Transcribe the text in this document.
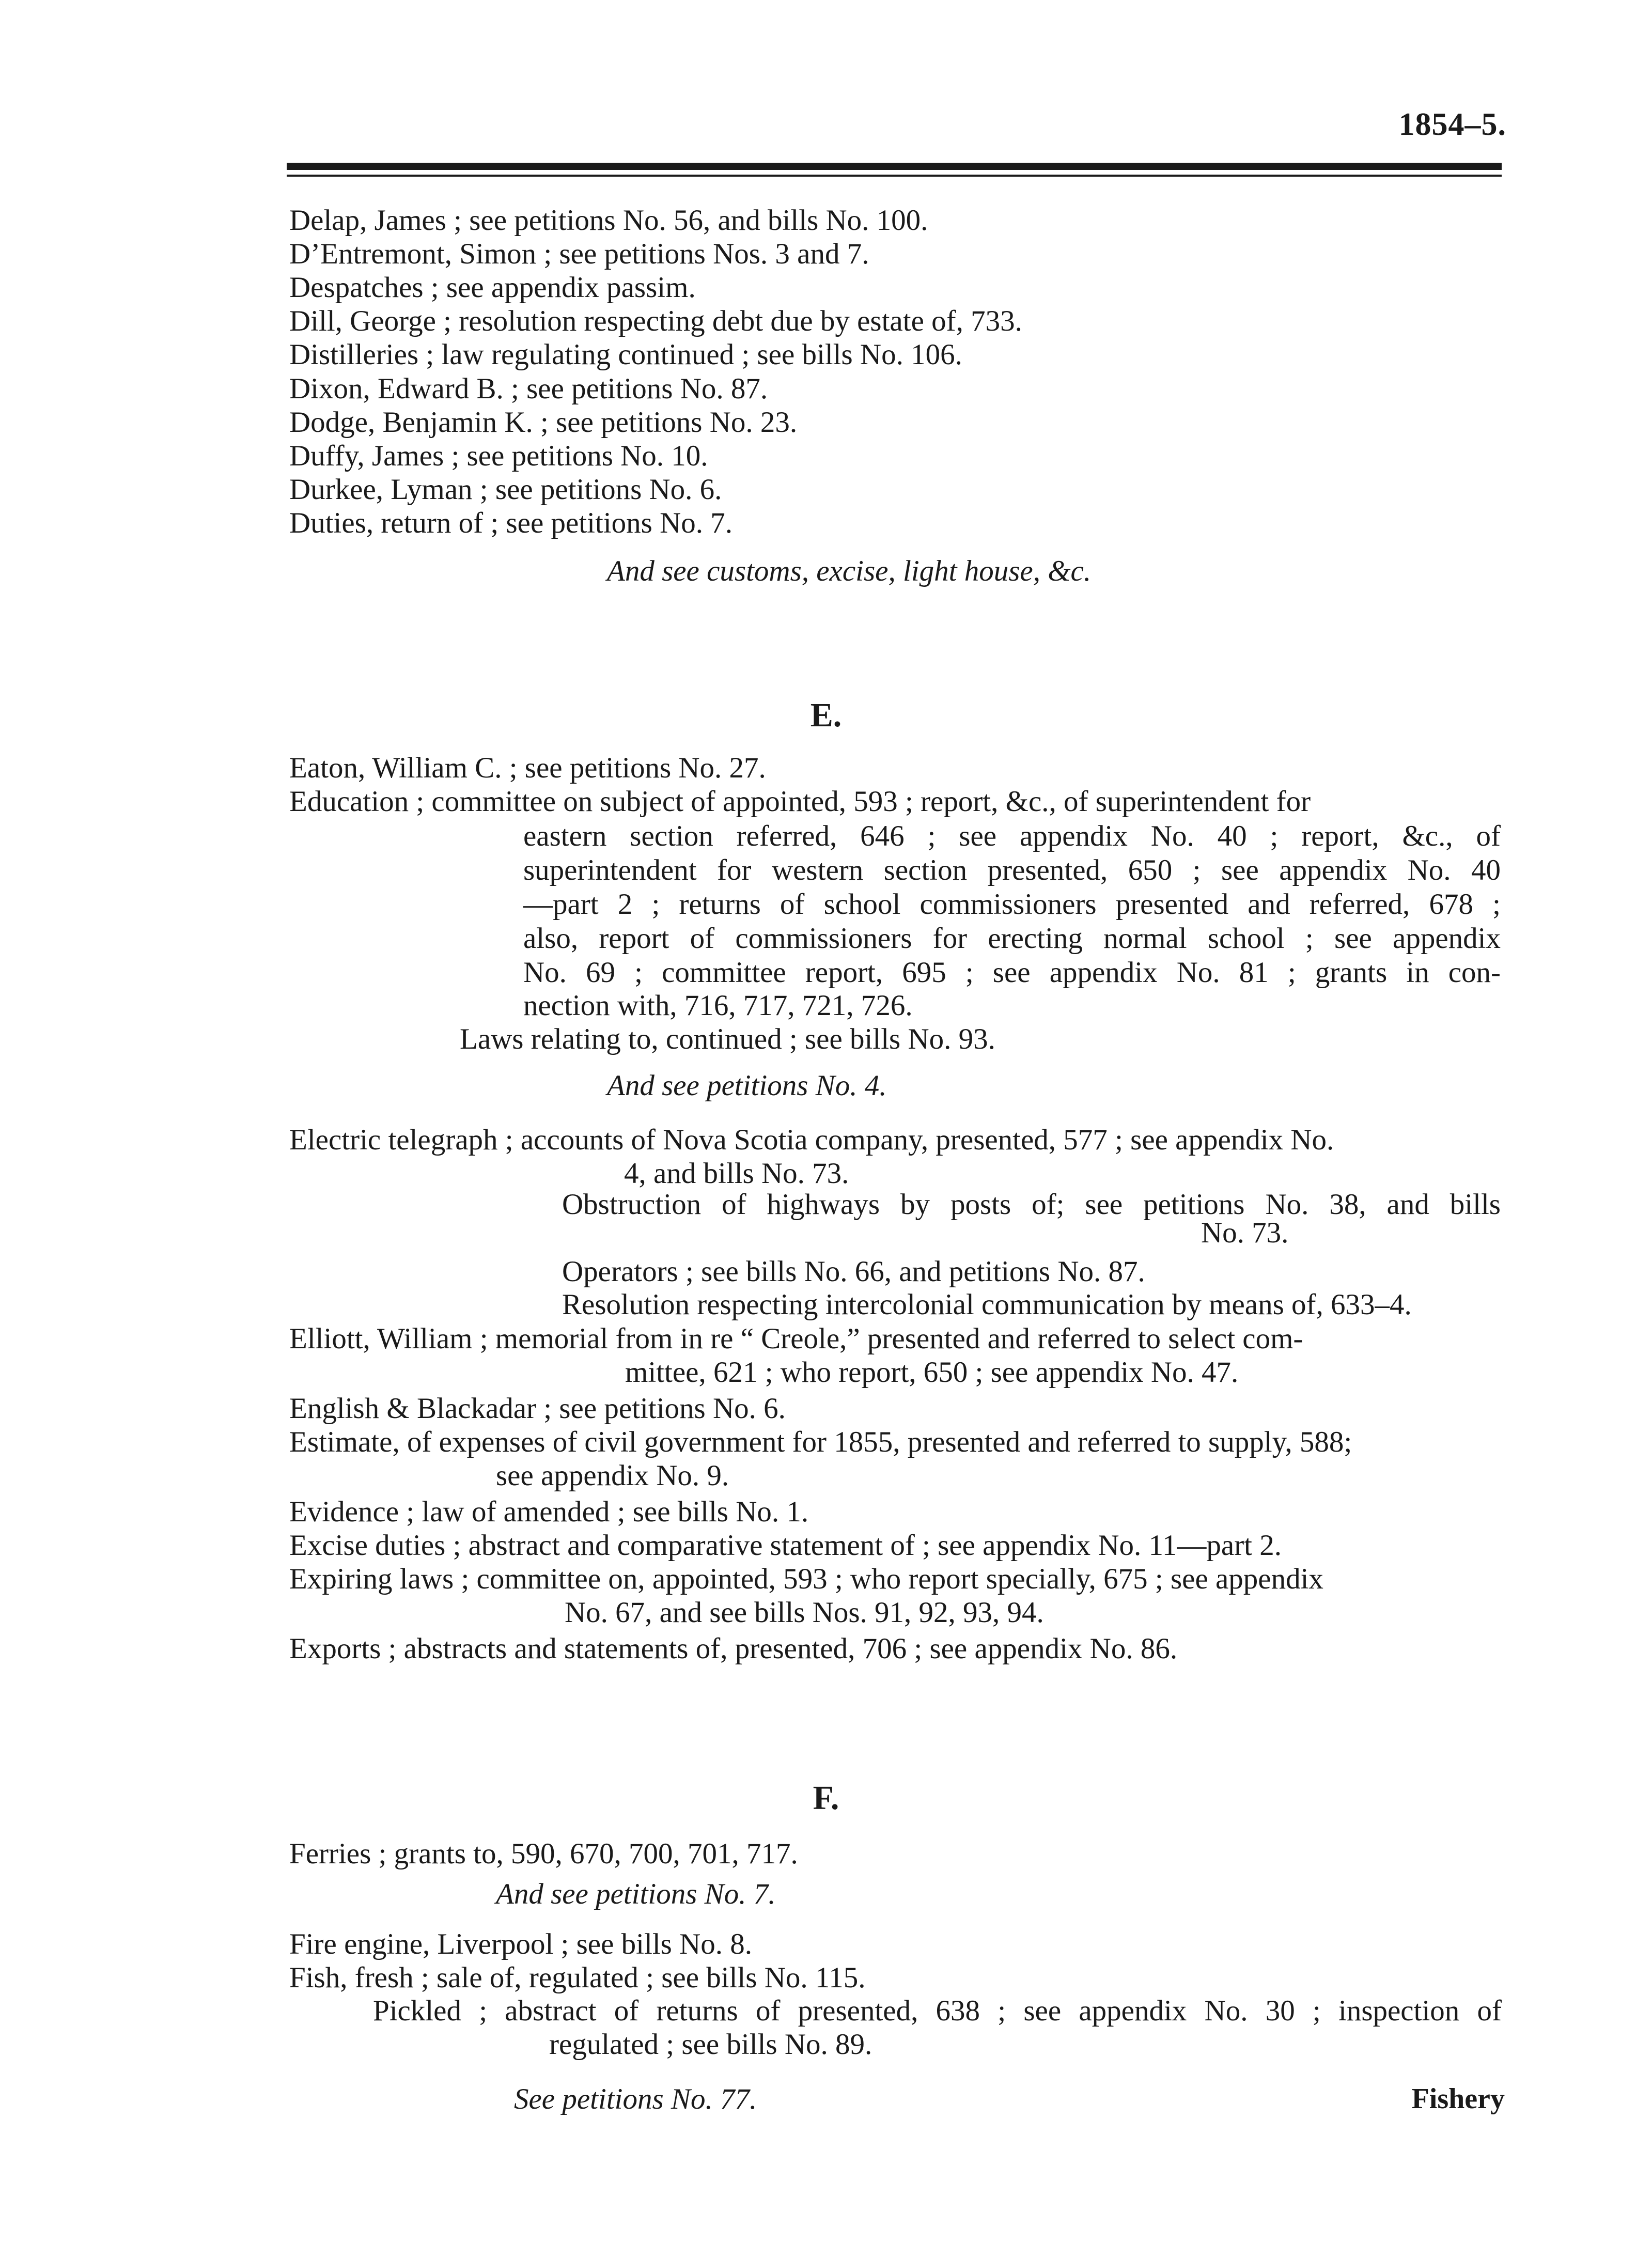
1854–5.
Delap, James ; see petitions No. 56, and bills No. 100.
D’Entremont, Simon ; see petitions Nos. 3 and 7.
Despatches ; see appendix passim.
Dill, George ; resolution respecting debt due by estate of, 733.
Distilleries ; law regulating continued ; see bills No. 106.
Dixon, Edward B. ; see petitions No. 87.
Dodge, Benjamin K. ; see petitions No. 23.
Duffy, James ; see petitions No. 10.
Durkee, Lyman ; see petitions No. 6.
Duties, return of ; see petitions No. 7.
And see customs, excise, light house, &c.
E.
Eaton, William C. ; see petitions No. 27.
Education ; committee on subject of appointed, 593 ; report, &c., of superintendent for
eastern section referred, 646 ; see appendix No. 40 ; report, &c., of
superintendent for western section presented, 650 ; see appendix No. 40
—part 2 ; returns of school commissioners presented and referred, 678 ;
also, report of commissioners for erecting normal school ; see appendix
No. 69 ; committee report, 695 ; see appendix No. 81 ; grants in con-
nection with, 716, 717, 721, 726.
Laws relating to, continued ; see bills No. 93.
And see petitions No. 4.
Electric telegraph ; accounts of Nova Scotia company, presented, 577 ; see appendix No.
4, and bills No. 73.
Obstruction of highways by posts of; see petitions No. 38, and bills
No. 73.
Operators ; see bills No. 66, and petitions No. 87.
Resolution respecting intercolonial communication by means of, 633–4.
Elliott, William ; memorial from in re “ Creole,” presented and referred to select com-
mittee, 621 ; who report, 650 ; see appendix No. 47.
English & Blackadar ; see petitions No. 6.
Estimate, of expenses of civil government for 1855, presented and referred to supply, 588;
see appendix No. 9.
Evidence ; law of amended ; see bills No. 1.
Excise duties ; abstract and comparative statement of ; see appendix No. 11—part 2.
Expiring laws ; committee on, appointed, 593 ; who report specially, 675 ; see appendix
No. 67, and see bills Nos. 91, 92, 93, 94.
Exports ; abstracts and statements of, presented, 706 ; see appendix No. 86.
F.
Ferries ; grants to, 590, 670, 700, 701, 717.
And see petitions No. 7.
Fire engine, Liverpool ; see bills No. 8.
Fish, fresh ; sale of, regulated ; see bills No. 115.
Pickled ; abstract of returns of presented, 638 ; see appendix No. 30 ; inspection of
regulated ; see bills No. 89.
See petitions No. 77.	Fishery
